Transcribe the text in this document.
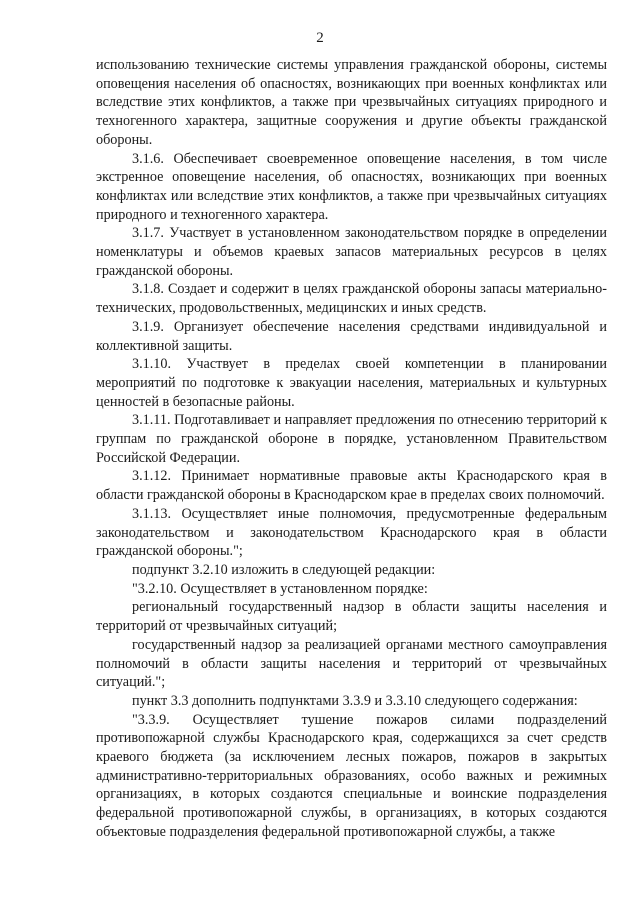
2

использованию технические системы управления гражданской обороны, системы оповещения населения об опасностях, возникающих при военных конфликтах или вследствие этих конфликтов, а также при чрезвычайных ситуациях природного и техногенного характера, защитные сооружения и другие объекты гражданской обороны.

3.1.6. Обеспечивает своевременное оповещение населения, в том числе экстренное оповещение населения, об опасностях, возникающих при военных конфликтах или вследствие этих конфликтов, а также при чрезвычайных ситуациях природного и техногенного характера.

3.1.7. Участвует в установленном законодательством порядке в определении номенклатуры и объемов краевых запасов материальных ресурсов в целях гражданской обороны.

3.1.8. Создает и содержит в целях гражданской обороны запасы материально-технических, продовольственных, медицинских и иных средств.

3.1.9. Организует обеспечение населения средствами индивидуальной и коллективной защиты.

3.1.10. Участвует в пределах своей компетенции в планировании мероприятий по подготовке к эвакуации населения, материальных и культурных ценностей в безопасные районы.

3.1.11. Подготавливает и направляет предложения по отнесению территорий к группам по гражданской обороне в порядке, установленном Правительством Российской Федерации.

3.1.12. Принимает нормативные правовые акты Краснодарского края в области гражданской обороны в Краснодарском крае в пределах своих полномочий.

3.1.13. Осуществляет иные полномочия, предусмотренные федеральным законодательством и законодательством Краснодарского края в области гражданской обороны.";

подпункт 3.2.10 изложить в следующей редакции:

"3.2.10. Осуществляет в установленном порядке:

региональный государственный надзор в области защиты населения и территорий от чрезвычайных ситуаций;

государственный надзор за реализацией органами местного самоуправления полномочий в области защиты населения и территорий от чрезвычайных ситуаций.";

пункт 3.3 дополнить подпунктами 3.3.9 и 3.3.10 следующего содержания:

"3.3.9. Осуществляет тушение пожаров силами подразделений противопожарной службы Краснодарского края, содержащихся за счет средств краевого бюджета (за исключением лесных пожаров, пожаров в закрытых административно-территориальных образованиях, особо важных и режимных организациях, в которых создаются специальные и воинские подразделения федеральной противопожарной службы, в организациях, в которых создаются объектовые подразделения федеральной противопожарной службы, а также
